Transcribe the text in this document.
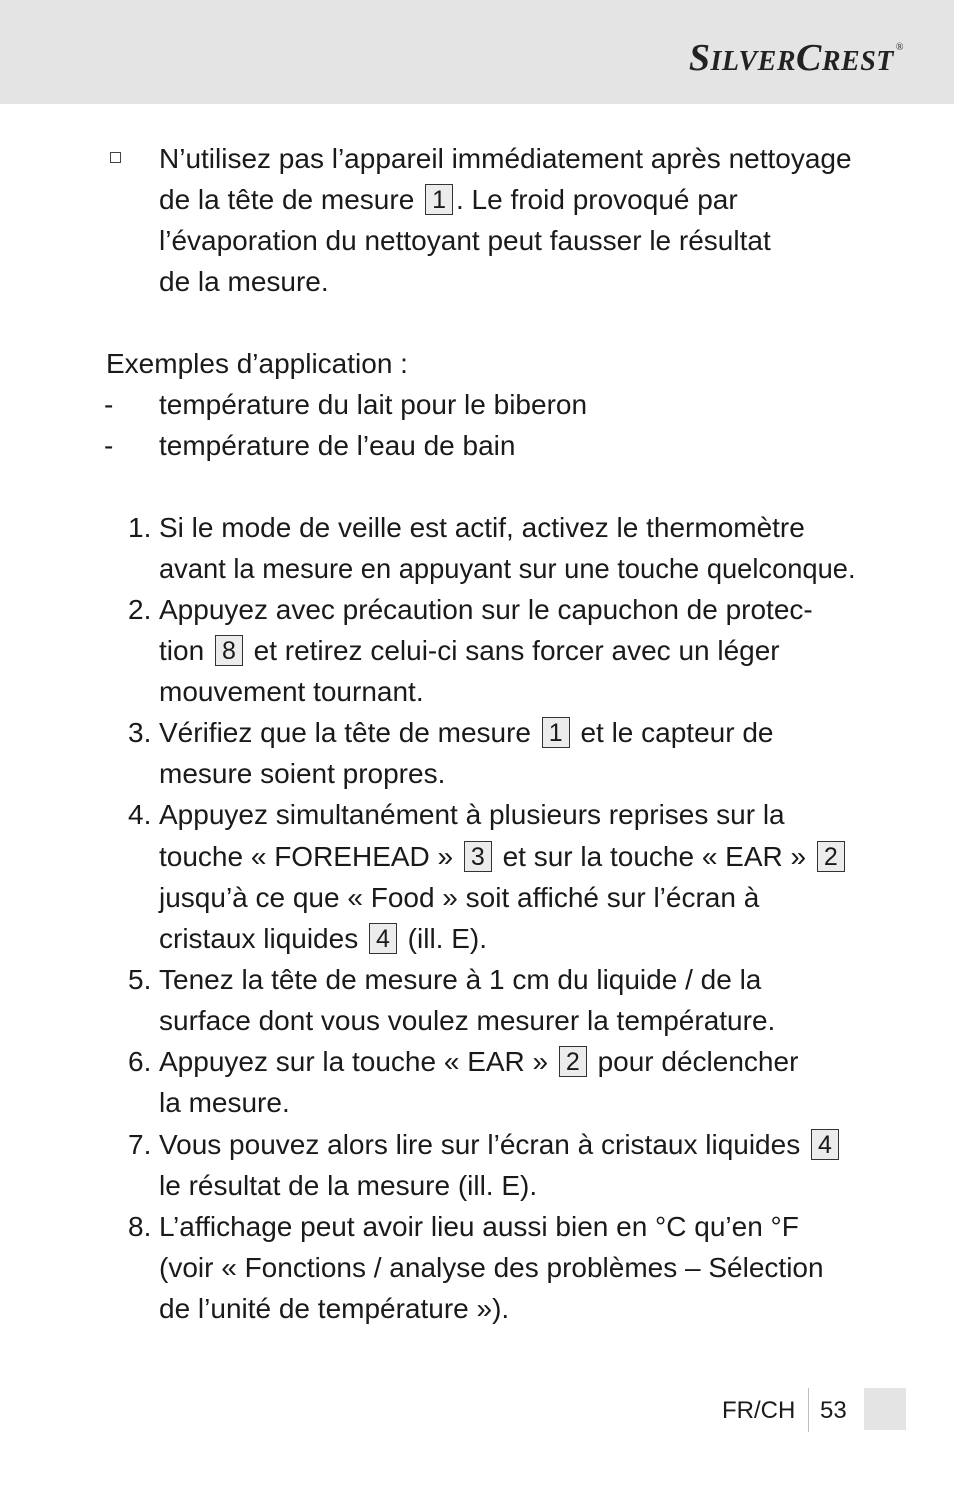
SILVERCREST ®
N’utilisez pas l’appareil immédiatement après nettoyage
de la tête de mesure 1 . Le froid provoqué par
l’évaporation du nettoyant peut fausser le résultat
de la mesure.
Exemples d’application :
- température du lait pour le biberon
- température de l’eau de bain
1. Si le mode de veille est actif, activez le thermomètre
avant la mesure en appuyant sur une touche quelconque.
2. Appuyez avec précaution sur le capuchon de protec-
tion 8 et retirez celui-ci sans forcer avec un léger
mouvement tournant.
3. Vérifiez que la tête de mesure 1 et le capteur de
mesure soient propres.
4. Appuyez simultanément à plusieurs reprises sur la
touche « FOREHEAD » 3 et sur la touche « EAR » 2
jusqu’à ce que « Food » soit affiché sur l’écran à
cristaux liquides 4 (ill. E).
5. Tenez la tête de mesure à 1 cm du liquide / de la
surface dont vous voulez mesurer la température.
6. Appuyez sur la touche « EAR » 2 pour déclencher
la mesure.
7. Vous pouvez alors lire sur l’écran à cristaux liquides 4
le résultat de la mesure (ill. E).
8. L’affichage peut avoir lieu aussi bien en °C qu’en °F
(voir « Fonctions / analyse des problèmes – Sélection
de l’unité de température »).
FR/CH 53
